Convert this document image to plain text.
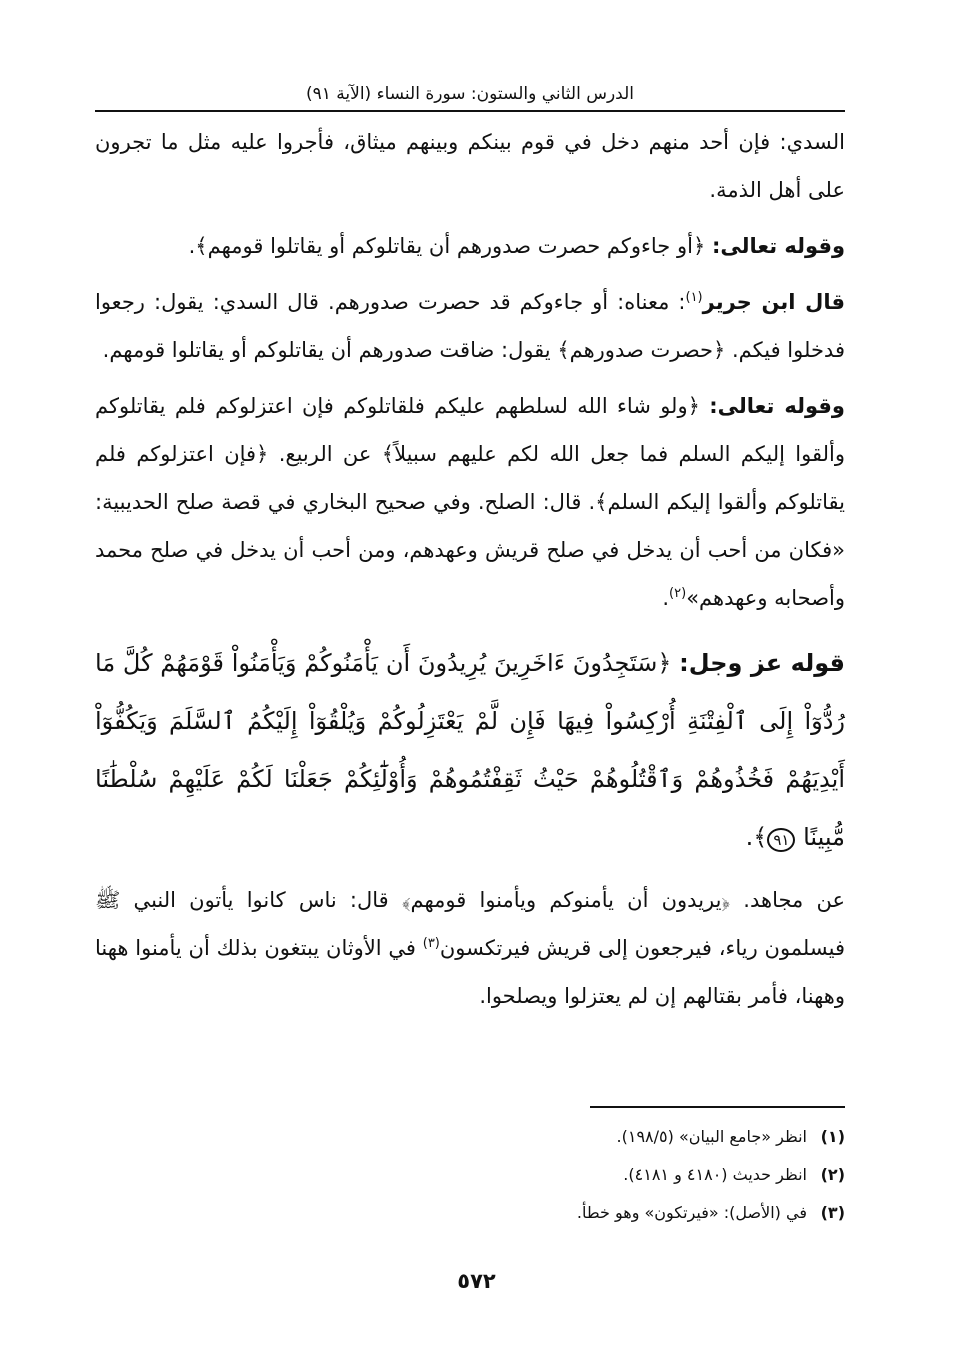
الدرس الثاني والستون: سورة النساء (الآية ٩١)

السدي: فإن أحد منهم دخل في قوم بينكم وبينهم ميثاق، فأجروا عليه مثل ما تجرون على أهل الذمة.

وقوله تعالى: ﴿أو جاءوكم حصرت صدورهم أن يقاتلوكم أو يقاتلوا قومهم﴾.

قال ابن جرير$^{(١)}$: معناه: أو جاءوكم قد حصرت صدورهم. قال السدي: يقول: رجعوا فدخلوا فيكم. ﴿حصرت صدورهم﴾ يقول: ضاقت صدورهم أن يقاتلوكم أو يقاتلوا قومهم.

وقوله تعالى: ﴿ولو شاء الله لسلطهم عليكم فلقاتلوكم فإن اعتزلوكم فلم يقاتلوكم وألقوا إليكم السلم فما جعل الله لكم عليهم سبيلاً﴾ عن الربيع. ﴿فإن اعتزلوكم فلم يقاتلوكم وألقوا إليكم السلم﴾. قال: الصلح. وفي صحيح البخاري في قصة صلح الحديبية: «فكان من أحب أن يدخل في صلح قريش وعهدهم، ومن أحب أن يدخل في صلح محمد وأصحابه وعهدهم»$^{(٢)}$.

قوله عز وجل: ﴿سَتَجِدُونَ ءَاخَرِينَ يُرِيدُونَ أَن يَأْمَنُوكُمْ وَيَأْمَنُواْ قَوْمَهُمْ كُلَّ مَا رُدُّوٓاْ إِلَى ٱلْفِتْنَةِ أُرْكِسُواْ فِيهَا فَإِن لَّمْ يَعْتَزِلُوكُمْ وَيُلْقُوٓاْ إِلَيْكُمُ ٱلسَّلَمَ وَيَكُفُّوٓاْ أَيْدِيَهُمْ فَخُذُوهُمْ وَٱقْتُلُوهُمْ حَيْثُ ثَقِفْتُمُوهُمْ وَأُوْلَٰٓئِكُمْ جَعَلْنَا لَكُمْ عَلَيْهِمْ سُلْطَٰنًا مُّبِينًا ٩١﴾.

عن مجاهد. ﴿يريدون أن يأمنوكم ويأمنوا قومهم﴾ قال: ناس كانوا يأتون النبي ﷺ فيسلمون رياء، فيرجعون إلى قريش فيرتكسون$^{(٣)}$ في الأوثان يبتغون بذلك أن يأمنوا ههنا وههنا، فأمر بقتالهم إن لم يعتزلوا ويصلحوا.

(١)انظر «جامع البيان» (١٩٨/٥).
(٢)انظر حديث (٤١٨٠ و ٤١٨١).
(٣)في (الأصل): «فيرتكون» وهو خطأ.
٥٧٢
